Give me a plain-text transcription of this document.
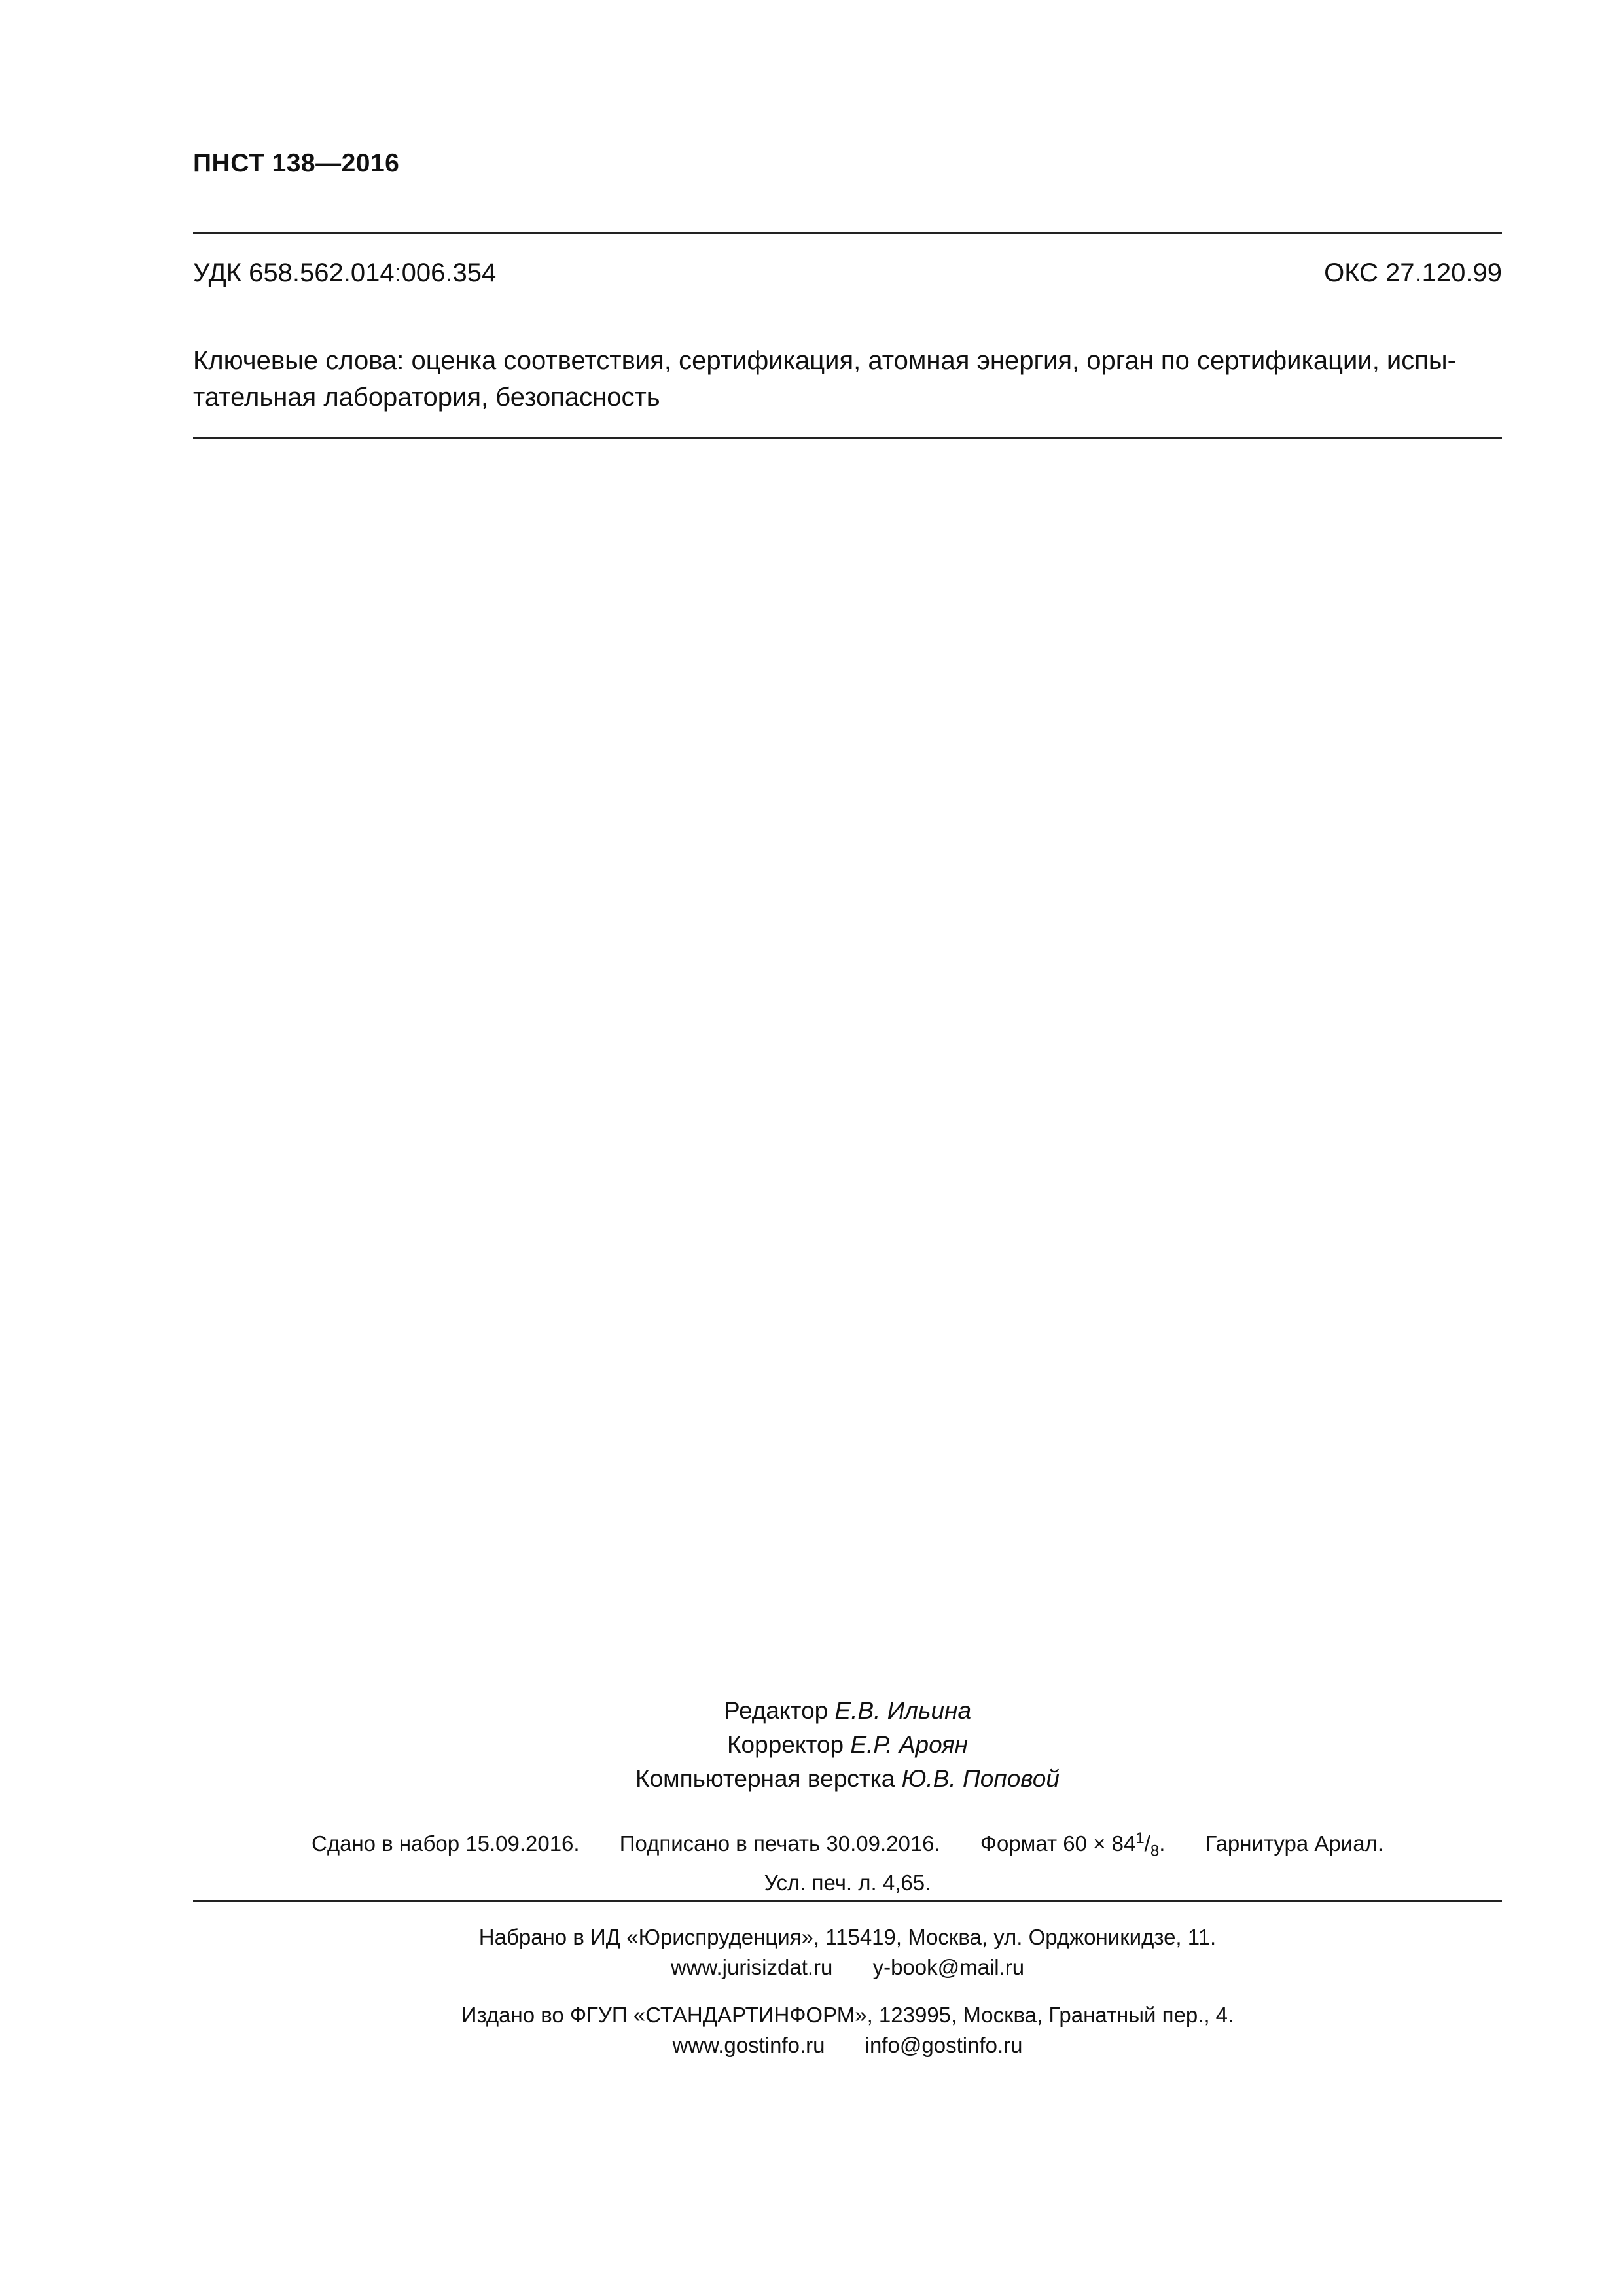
ПНСТ 138—2016
УДК 658.562.014:006.354	ОКС 27.120.99
Ключевые слова: оценка соответствия, сертификация, атомная энергия, орган по сертификации, испы-
тательная лаборатория, безопасность
Редактор Е.В. Ильина
Корректор Е.Р. Ароян
Компьютерная верстка Ю.В. Поповой
Сдано в набор 15.09.2016. Подписано в печать 30.09.2016. Формат $60 \times 84^1/_8$. Гарнитура Ариал.
Усл. печ. л. 4,65.
Набрано в ИД «Юриспруденция», 115419, Москва, ул. Орджоникидзе, 11.
www.jurisizdat.ru y-book@mail.ru
Издано во ФГУП «СТАНДАРТИНФОРМ», 123995, Москва, Гранатный пер., 4.
www.gostinfo.ru info@gostinfo.ru
